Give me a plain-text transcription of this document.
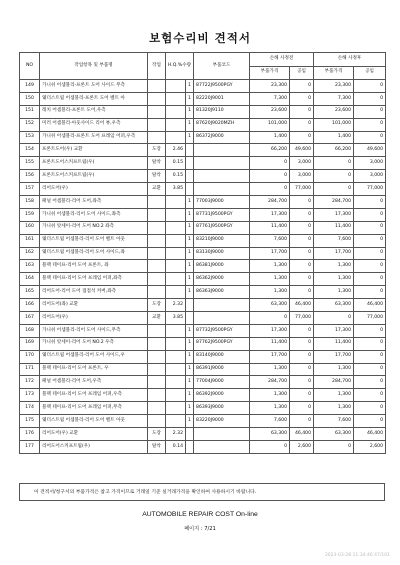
보험수리비 견적서
NO	작업항목 및 부품명	작업	H.Q.%수량		부품코드	손해 사정전		손해 사정후	
						부품가격	공임	부품가격	공임
149	가니쉬 어셈블리-프론트 도어 사이드 무측			1	87722J9500PGY	23,300	0	23,300	0
150	웨더스트립 어셈블리-프론트 도어 벨트 아			1	82220J9001	7,300	0	7,300	0
151	래치 어셈블리-프론트 도어,우측			1	81320J9110	23,600	0	23,600	0
152	미러 어셈블리-아웃사이드 리어 뷰,우측			1	87620J9020MZH	101,000	0	101,000	0
153	가니쉬 어셈블리-프론트 도어 프레임 어퍼,우측			1	86372J9000	1,400	0	1,400	0
154	프론트도어(우) 교환	도장	2.46			66,200	49,600	66,200	49,600
155	프론트도어스커프트립(우)	탈착	0.15			0	3,000	0	3,000
156	프론트도어스커프트립(우)	탈착	0.15			0	3,000	0	3,000
157	리어도어(우)	교환	3.85			0	77,000	0	77,000
158	패널 어셈블리-리어 도어,좌측			1	77003J9000	284,700	0	284,700	0
159	가니쉬 어셈블리-리어 도어 사이드,좌측			1	87731J9500PGY	17,300	0	17,300	0
160	가니쉬 앗세이-리어 도어 NO.2 좌측			1	87761J9500PGY	11,400	0	11,400	0
161	웨더스트립 어셈블리-리어 도어 벨트 아웃			1	83210J9000	7,600	0	7,600	0
162	웨더스트립 어셈블리-리어 도어 사이드,좌			1	83130J9000	17,700	0	17,700	0
163	블랙 테이프-리어 도어 프론트, 좌			1	86381J9000	1,300	0	1,300	0
164	블랙 테이프-리어 도어 프레임 어퍼,좌측			1	86362J9000	1,300	0	1,300	0
165	리어도어-리어 도어 접점석 커버,좌측			1	86363J9000	1,300	0	1,300	0
166	리어도어(좌) 교환	도장	2.32			63,300	46,400	63,300	46,400
167	리어도어(우)	교환	3.85			0	77,000	0	77,000
168	가니쉬 어셈블리-리어 도어 사이드,무측			1	87732J9500PGY	17,300	0	17,300	0
169	가니쉬 앗세이-리어 도어 NO.2 우측			1	87762J9500PGY	11,400	0	11,400	0
170	웨더스트립 어셈블리-리어 도어 사이드,우			1	83140J9000	17,700	0	17,700	0
171	블랙 테이프-리어 도어 프론트, 우			1	86391J9000	1,300	0	1,300	0
172	패널 어셈블리-리어 도어,우측			1	77004J9000	284,700	0	284,700	0
173	블랙 테이프-리어 도어 프레임 어퍼,우측			1	86392J9000	1,300	0	1,300	0
174	블랙 테이프-리어 도어 프레임 어퍼,무측			1	86393J9000	1,300	0	1,300	0
175	웨더스트립 어셈블리-리어 도어 벨트 아웃			1	83220J9000	7,600	0	7,600	0
176	리어도어(우) 교환	도장	2.32			63,300	46,400	63,300	46,400
177	리어도어스커프트립(우)	탈착	0.14			0	2,600	0	2,600
이 견적서/청구서의 부품가격은 참고 가격이므로 거래일 기준 실거래가격을 확인하여 사용하시기 바랍니다.
AUTOMOBILE REPAIR COST On-line
페이지 : 7/21
2023-03-28 11:34:46 47/101
